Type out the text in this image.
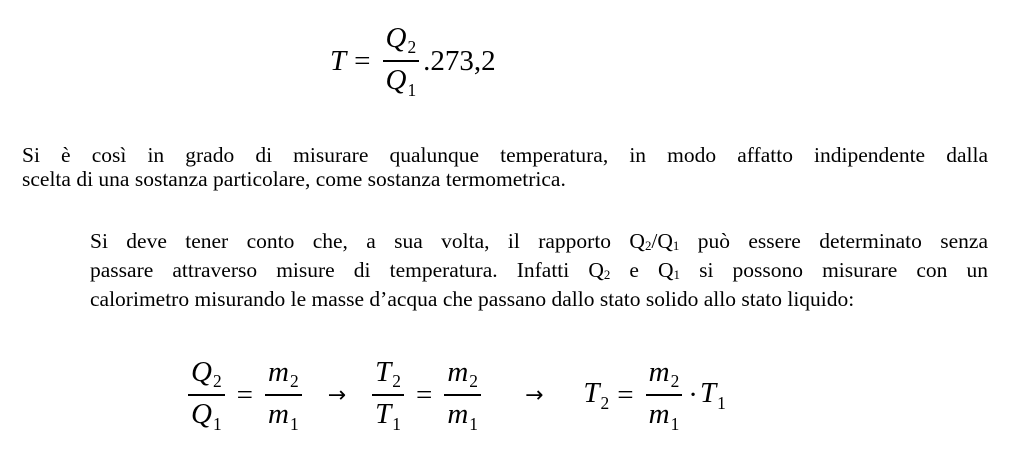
$T = \frac{Q_2}{Q_1} .273,2$

Si è così in grado di misurare qualunque temperatura, in modo affatto indipendente dalla
scelta di una sostanza particolare, come sostanza termometrica.

Si deve tener conto che, a sua volta, il rapporto Q2/Q1 può essere determinato senza
passare attraverso misure di temperatura. Infatti Q2 e Q1 si possono misurare con un
calorimetro misurando le masse d’acqua che passano dallo stato solido allo stato liquido:

$\frac{Q_2}{Q_1} = \frac{m_2}{m_1} \to \frac{T_2}{T_1} = \frac{m_2}{m_1} \to T_2 = \frac{m_2}{m_1} \cdot T_1$
